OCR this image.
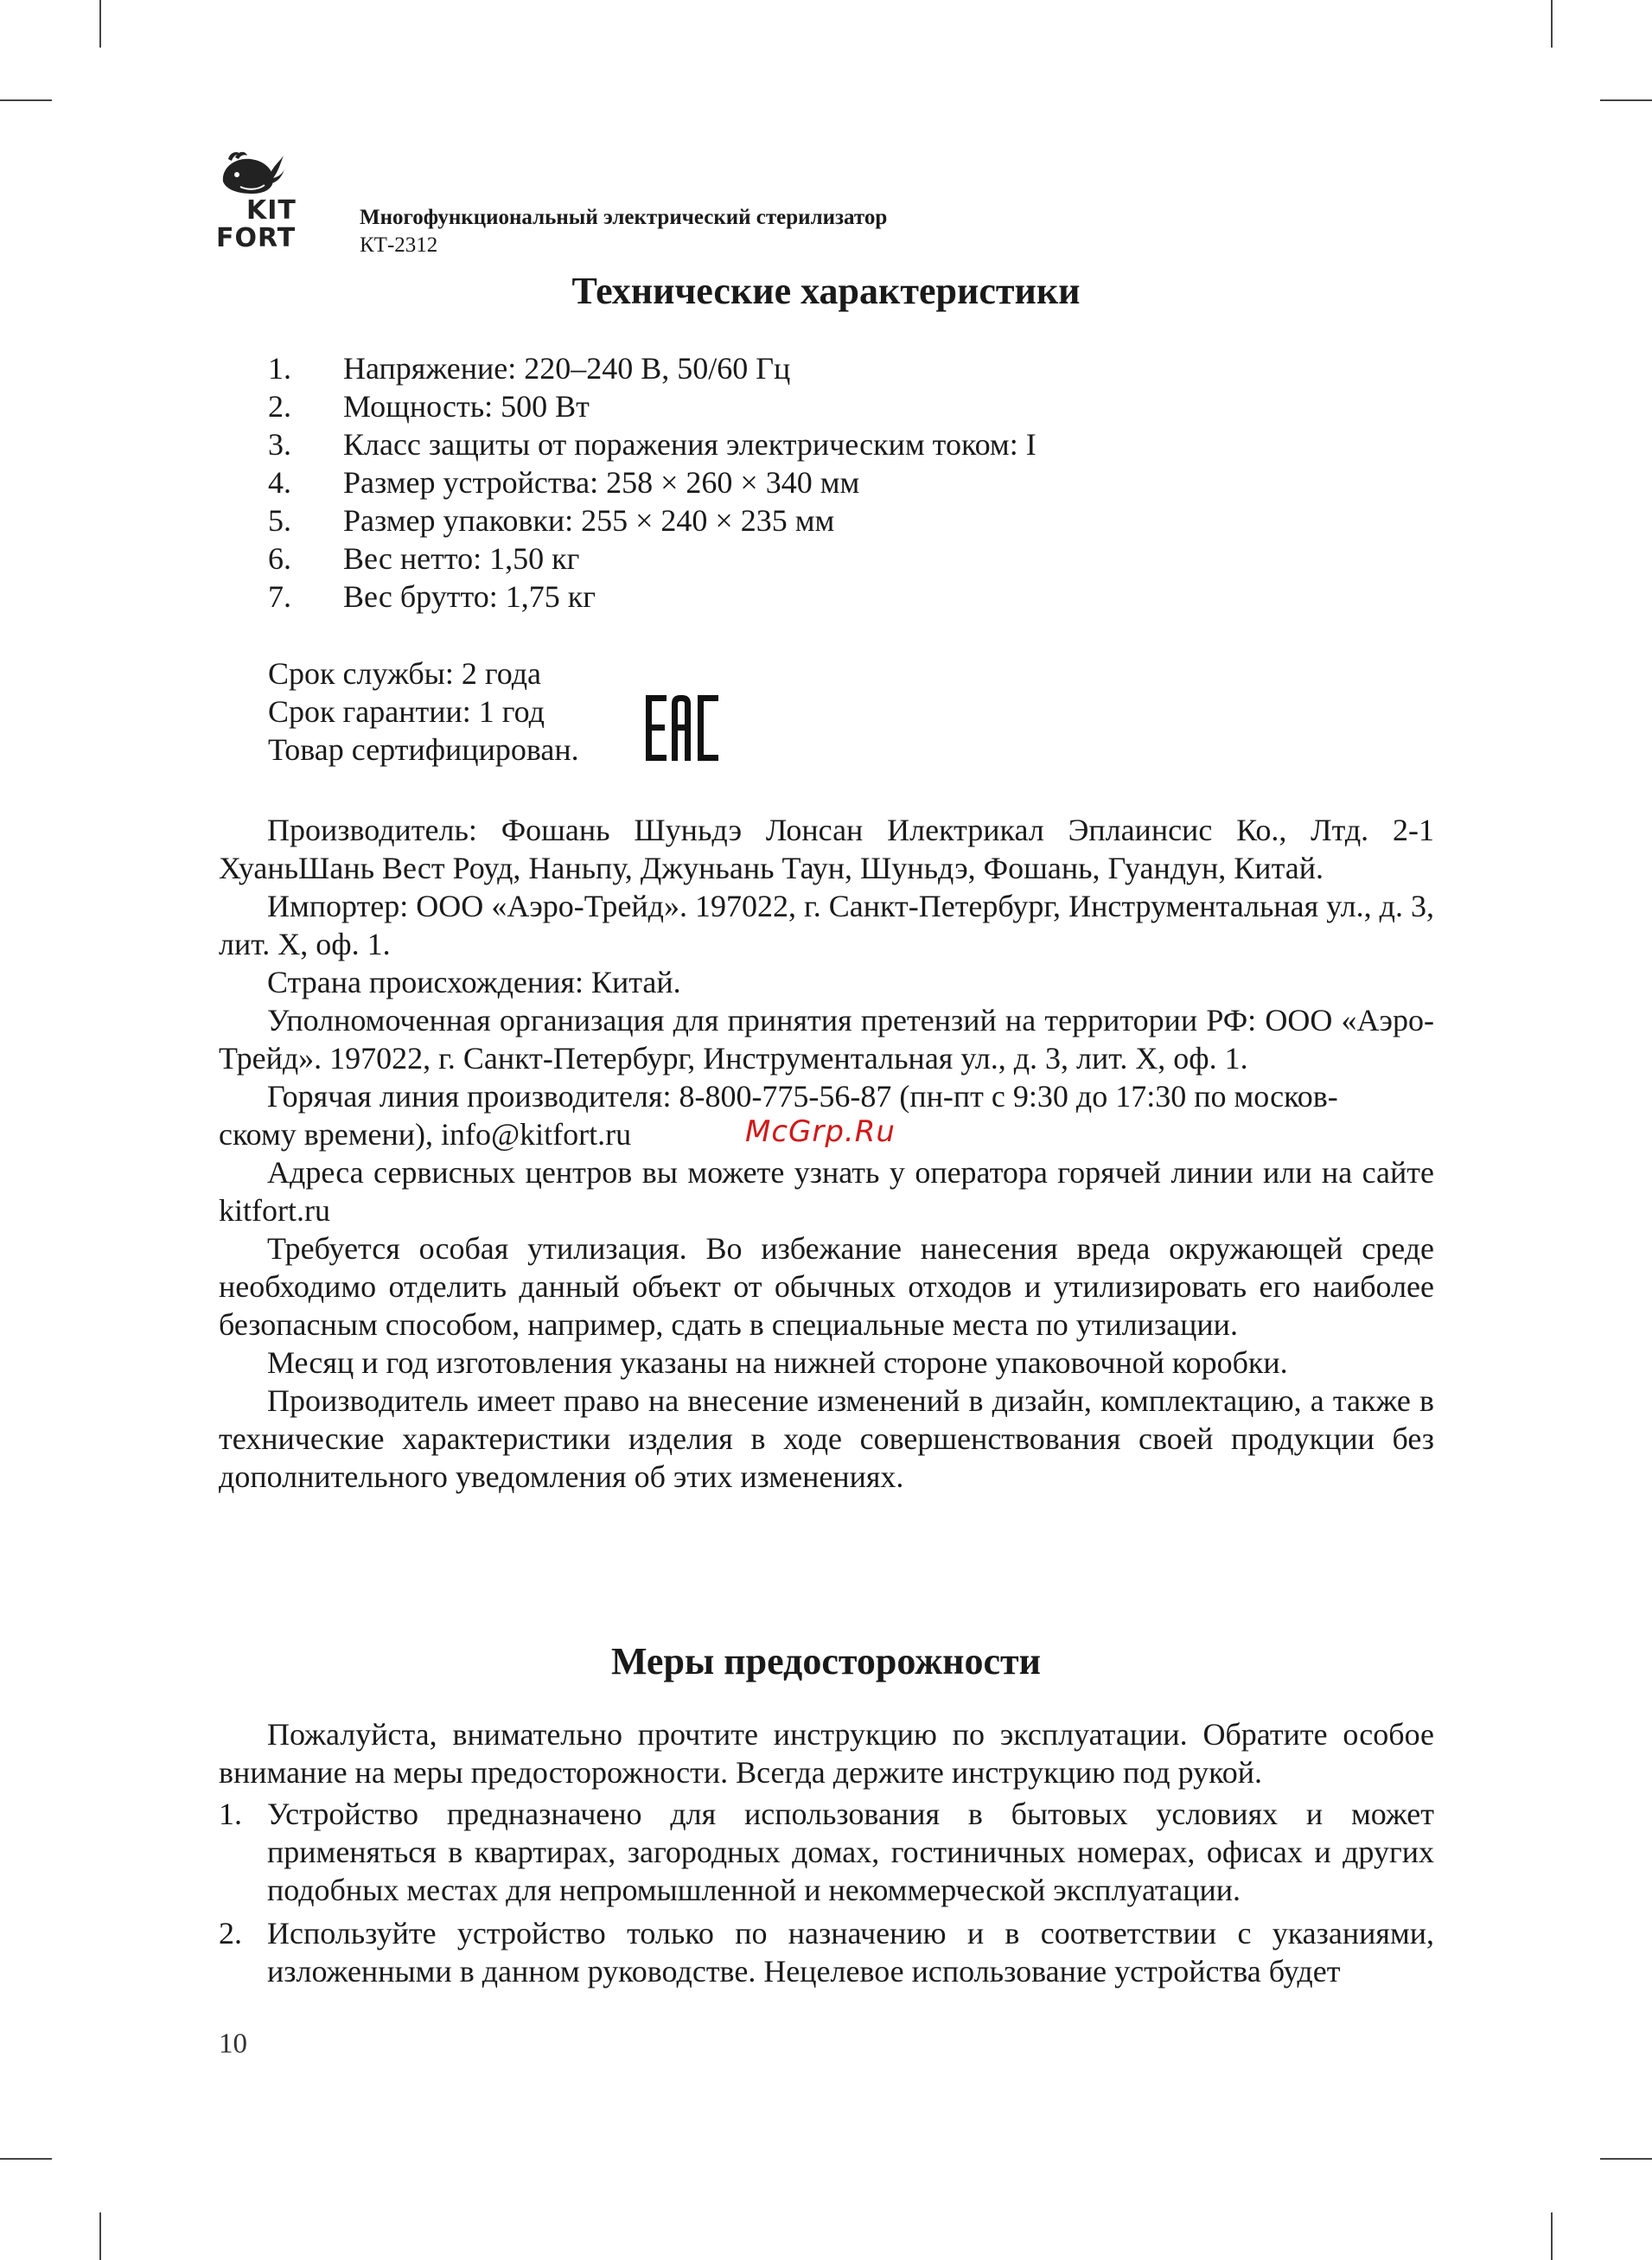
KIT
FORT
Многофункциональный электрический стерилизатор
КТ-2312
Технические характеристики
1. Напряжение: 220–240 В, 50/60 Гц
2. Мощность: 500 Вт
3. Класс защиты от поражения электрическим током: I
4. Размер устройства: 258 × 260 × 340 мм
5. Размер упаковки: 255 × 240 × 235 мм
6. Вес нетто: 1,50 кг
7. Вес брутто: 1,75 кг
Срок службы: 2 года
Срок гарантии: 1 год
Товар сертифицирован.

Производитель: Фошань Шуньдэ Лонсан Илектрикал Эплаинсис Ко., Лтд. 2-1 ХуаньШань Вест Роуд, Наньпу, Джуньань Таун, Шуньдэ, Фошань, Гуандун, Китай.

Импортер: ООО «Аэро-Трейд». 197022, г. Санкт-Петербург, Инструментальная ул., д. 3, лит. Х, оф. 1.

Страна происхождения: Китай.

Уполномоченная организация для принятия претензий на территории РФ: ООО «Аэро-Трейд». 197022, г. Санкт-Петербург, Инструментальная ул., д. 3, лит. Х, оф. 1.

Горячая линия производителя: 8-800-775-56-87 (пн-пт с 9:30 до 17:30 по москов-
скому времени), info@kitfort.ru

Адреса сервисных центров вы можете узнать у оператора горячей линии или на сайте kitfort.ru

Требуется особая утилизация. Во избежание нанесения вреда окружающей среде необходимо отделить данный объект от обычных отходов и утилизировать его наиболее безопасным способом, например, сдать в специальные места по утилизации.

Месяц и год изготовления указаны на нижней стороне упаковочной коробки.

Производитель имеет право на внесение изменений в дизайн, комплектацию, а также в технические характеристики изделия в ходе совершенствования своей продукции без дополнительного уведомления об этих изменениях.

McGrp.Ru
Меры предосторожности

Пожалуйста, внимательно прочтите инструкцию по эксплуатации. Обратите особое внимание на меры предосторожности. Всегда держите инструкцию под рукой.

1. Устройство предназначено для использования в бытовых условиях и может применяться в квартирах, загородных домах, гостиничных номерах, офисах и других подобных местах для непромышленной и некоммерческой эксплуатации.
2. Используйте устройство только по назначению и в соответствии с указаниями, изложенными в данном руководстве. Нецелевое использование устройства будет
10
